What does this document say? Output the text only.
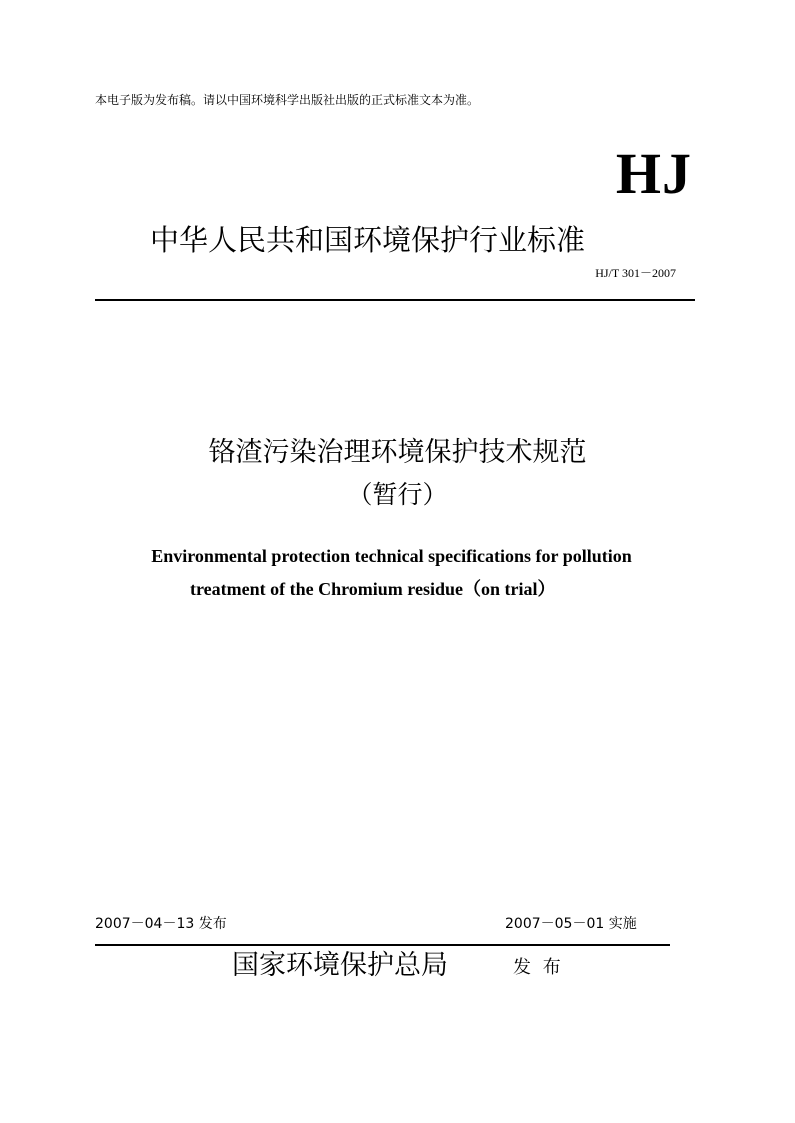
本电子版为发布稿。请以中国环境科学出版社出版的正式标准文本为准。
HJ
中华人民共和国环境保护行业标准
HJ/T 301－2007
铬渣污染治理环境保护技术规范
（暂行）
Environmental protection technical specifications for pollution
treatment of the Chromium residue（on trial）
2007－04－13 发布	2007－05－01 实施
国家环境保护总局	发 布
